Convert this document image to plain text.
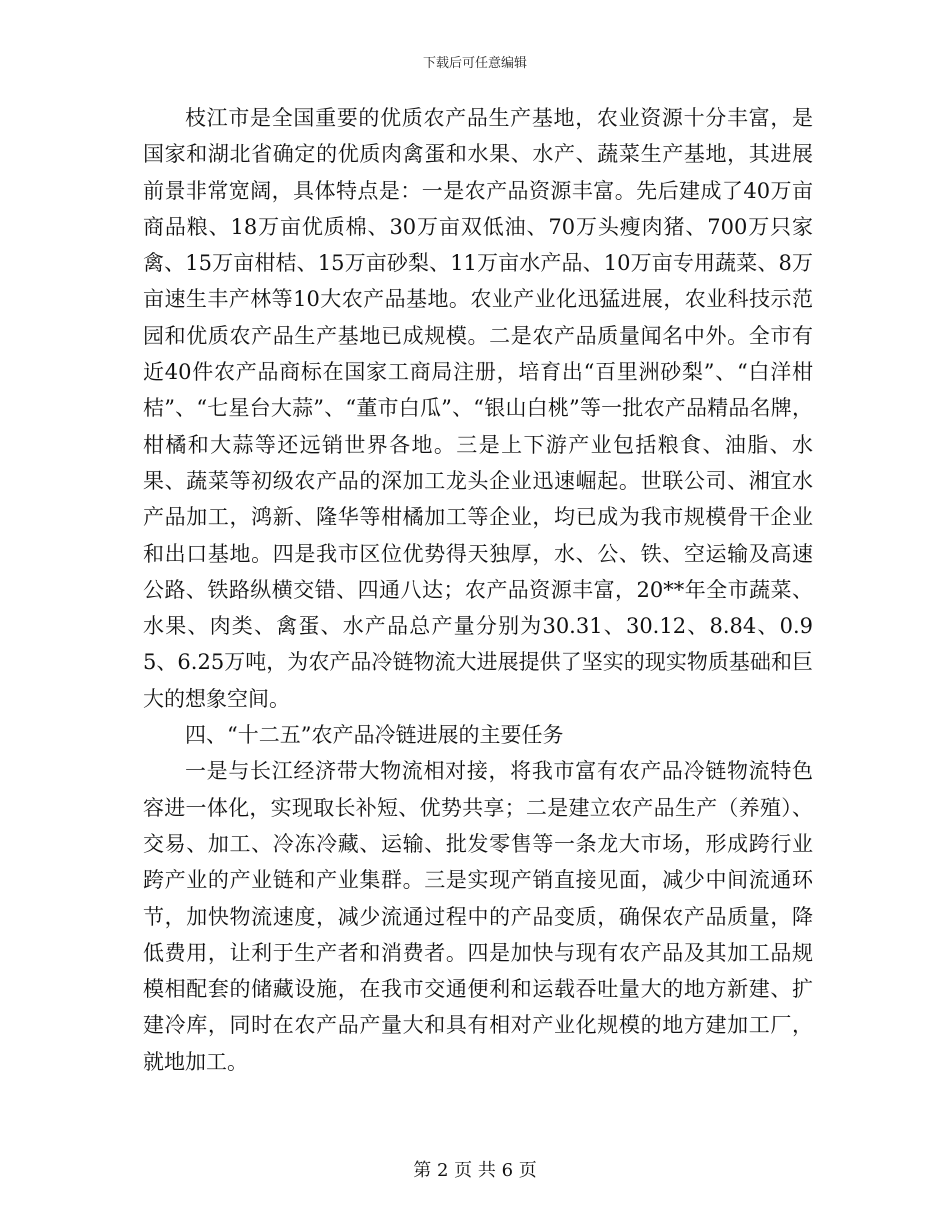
下载后可任意编辑

枝江市是全国重要的优质农产品生产基地，农业资源十分丰富，是国家和湖北省确定的优质肉禽蛋和水果、水产、蔬菜生产基地，其进展前景非常宽阔，具体特点是：一是农产品资源丰富。先后建成了40万亩商品粮、18万亩优质棉、30万亩双低油、70万头瘦肉猪、700万只家禽、15万亩柑桔、15万亩砂梨、11万亩水产品、10万亩专用蔬菜、8万亩速生丰产林等10大农产品基地。农业产业化迅猛进展，农业科技示范园和优质农产品生产基地已成规模。二是农产品质量闻名中外。全市有近40件农产品商标在国家工商局注册，培育出“百里洲砂梨”、“白洋柑桔”、“七星台大蒜”、“董市白瓜”、“银山白桃”等一批农产品精品名牌，柑橘和大蒜等还远销世界各地。三是上下游产业包括粮食、油脂、水果、蔬菜等初级农产品的深加工龙头企业迅速崛起。世联公司、湘宜水产品加工，鸿新、隆华等柑橘加工等企业，均已成为我市规模骨干企业和出口基地。四是我市区位优势得天独厚，水、公、铁、空运输及高速公路、铁路纵横交错、四通八达；农产品资源丰富，20**年全市蔬菜、水果、肉类、禽蛋、水产品总产量分别为30.31、30.12、8.84、0.95、6.25万吨，为农产品冷链物流大进展提供了坚实的现实物质基础和巨大的想象空间。

四、“十二五”农产品冷链进展的主要任务

一是与长江经济带大物流相对接，将我市富有农产品冷链物流特色容进一体化，实现取长补短、优势共享；二是建立农产品生产（养殖）、交易、加工、冷冻冷藏、运输、批发零售等一条龙大市场，形成跨行业跨产业的产业链和产业集群。三是实现产销直接见面，减少中间流通环节，加快物流速度，减少流通过程中的产品变质，确保农产品质量，降低费用，让利于生产者和消费者。四是加快与现有农产品及其加工品规模相配套的储藏设施，在我市交通便利和运载吞吐量大的地方新建、扩建冷库，同时在农产品产量大和具有相对产业化规模的地方建加工厂，就地加工。

第 2 页 共 6 页
